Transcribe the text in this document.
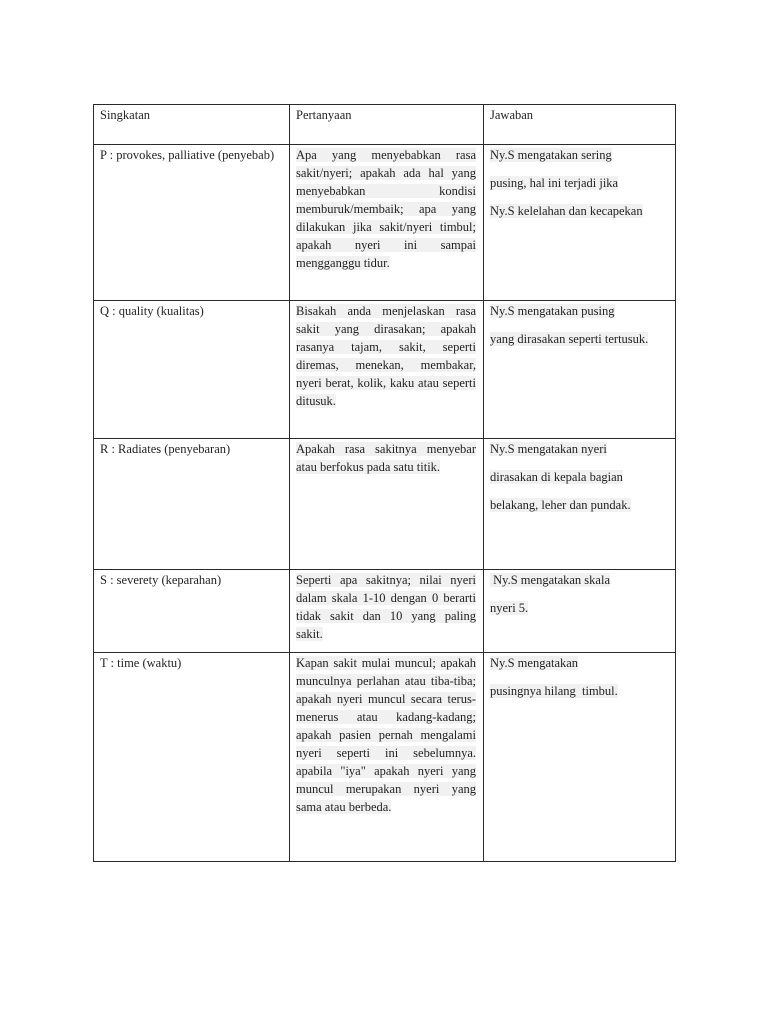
Singkatan	Pertanyaan	Jawaban
P : provokes, palliative (penyebab)	Apa yang menyebabkan rasa sakit/nyeri; apakah ada hal yang menyebabkan kondisi memburuk/membaik; apa yang dilakukan jika sakit/nyeri timbul; apakah nyeri ini sampai mengganggu tidur.	Ny.S mengatakan sering

pusing, hal ini terjadi jika

Ny.S kelelahan dan kecapekan

Q : quality (kualitas)	Bisakah anda menjelaskan rasa sakit yang dirasakan; apakah rasanya tajam, sakit, seperti diremas, menekan, membakar, nyeri berat, kolik, kaku atau seperti ditusuk.	Ny.S mengatakan pusing

yang dirasakan seperti tertusuk.

R : Radiates (penyebaran)	Apakah rasa sakitnya menyebar atau berfokus pada satu titik.	Ny.S mengatakan nyeri

dirasakan di kepala bagian

belakang, leher dan pundak.

S : severety (keparahan)	Seperti apa sakitnya; nilai nyeri dalam skala 1-10 dengan 0 berarti tidak sakit dan 10 yang paling sakit.	Ny.S mengatakan skala

nyeri 5.

T : time (waktu)	Kapan sakit mulai muncul; apakah munculnya perlahan atau tiba-tiba; apakah nyeri muncul secara terus-menerus atau kadang-kadang; apakah pasien pernah mengalami nyeri seperti ini sebelumnya. apabila "iya" apakah nyeri yang muncul merupakan nyeri yang sama atau berbeda.	Ny.S mengatakan

pusingnya hilang  timbul.
